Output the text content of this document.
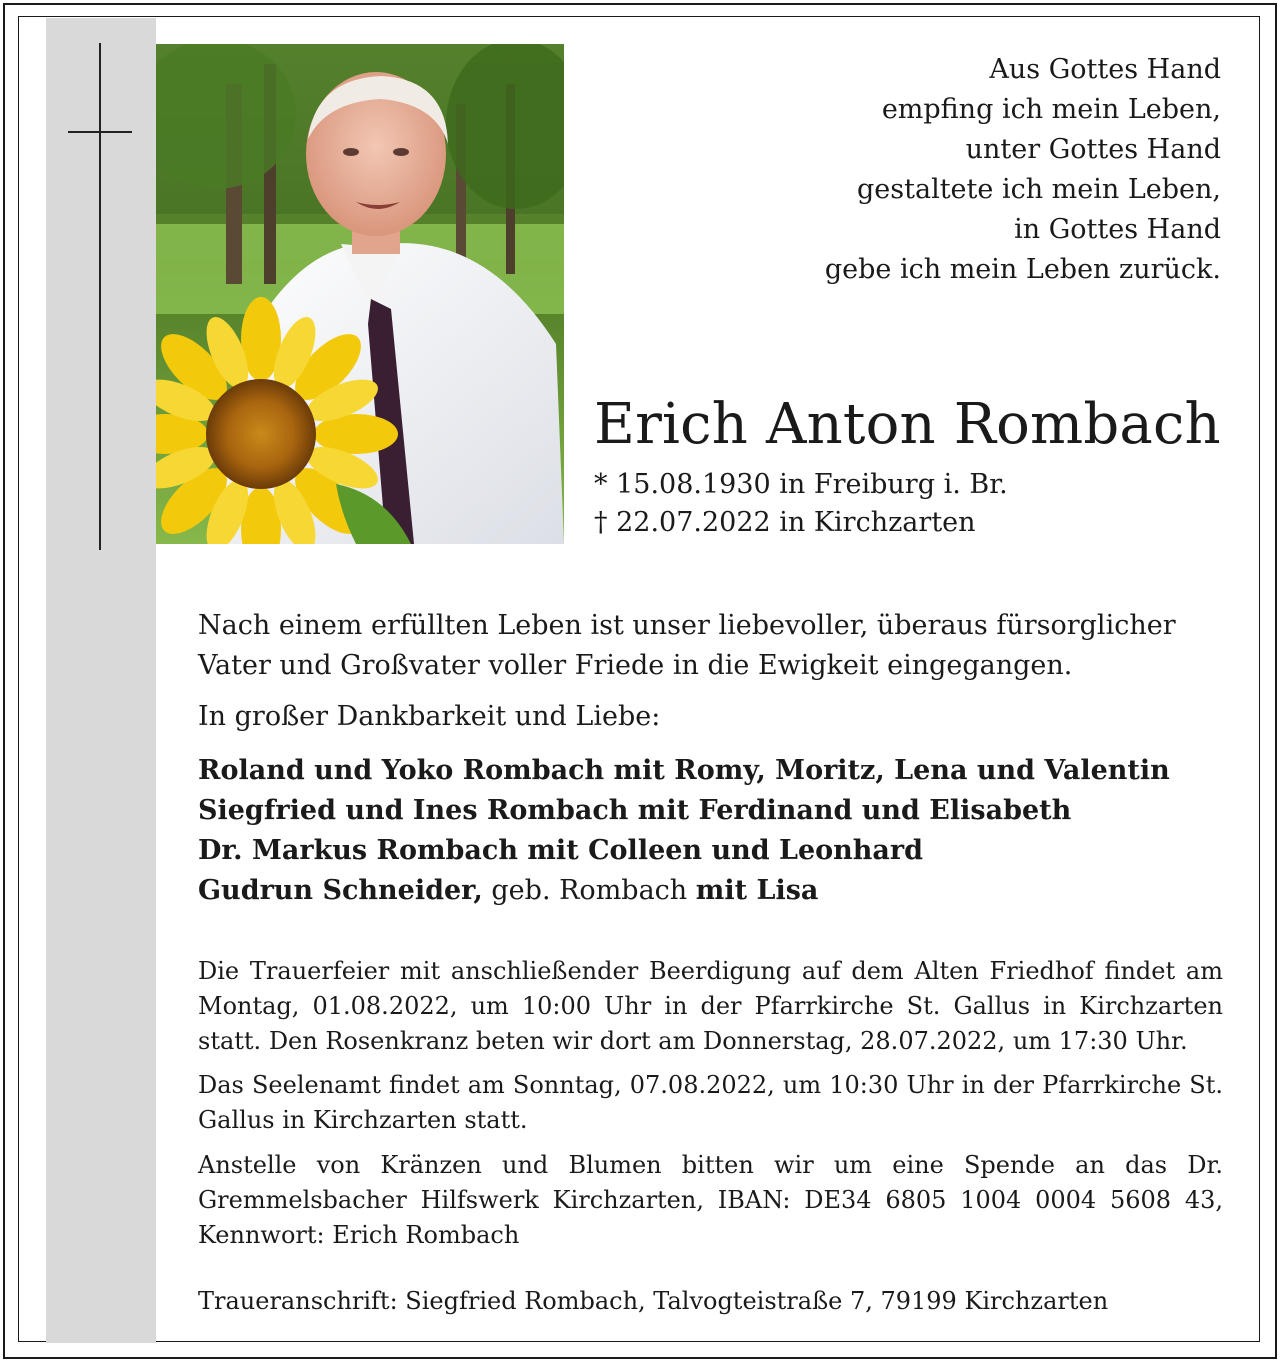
Aus Gottes Hand
empfing ich mein Leben,
unter Gottes Hand
gestaltete ich mein Leben,
in Gottes Hand
gebe ich mein Leben zurück.
Erich Anton Rombach
* 15.08.1930 in Freiburg i. Br.
† 22.07.2022 in Kirchzarten

Nach einem erfüllten Leben ist unser liebevoller, überaus fürsorglicher Vater und Großvater voller Friede in die Ewigkeit eingegangen.

In großer Dankbarkeit und Liebe:
Roland und Yoko Rombach mit Romy, Moritz, Lena und Valentin
Siegfried und Ines Rombach mit Ferdinand und Elisabeth
Dr. Markus Rombach mit Colleen und Leonhard
Gudrun Schneider, geb. Rombach mit Lisa
Die Trauerfeier mit anschließender Beerdigung auf dem Alten Friedhof findet am Montag, 01.08.2022, um 10:00 Uhr in der Pfarrkirche St. Gallus in Kirchzarten statt. Den Rosenkranz beten wir dort am Donnerstag, 28.07.2022, um 17:30 Uhr.
Das Seelenamt findet am Sonntag, 07.08.2022, um 10:30 Uhr in der Pfarrkirche St. Gallus in Kirchzarten statt.
Anstelle von Kränzen und Blumen bitten wir um eine Spende an das Dr. Gremmelsbacher Hilfswerk Kirchzarten, IBAN: DE34 6805 1004 0004 5608 43, Kennwort: Erich Rombach
Traueranschrift: Siegfried Rombach, Talvogteistraße 7, 79199 Kirchzarten
